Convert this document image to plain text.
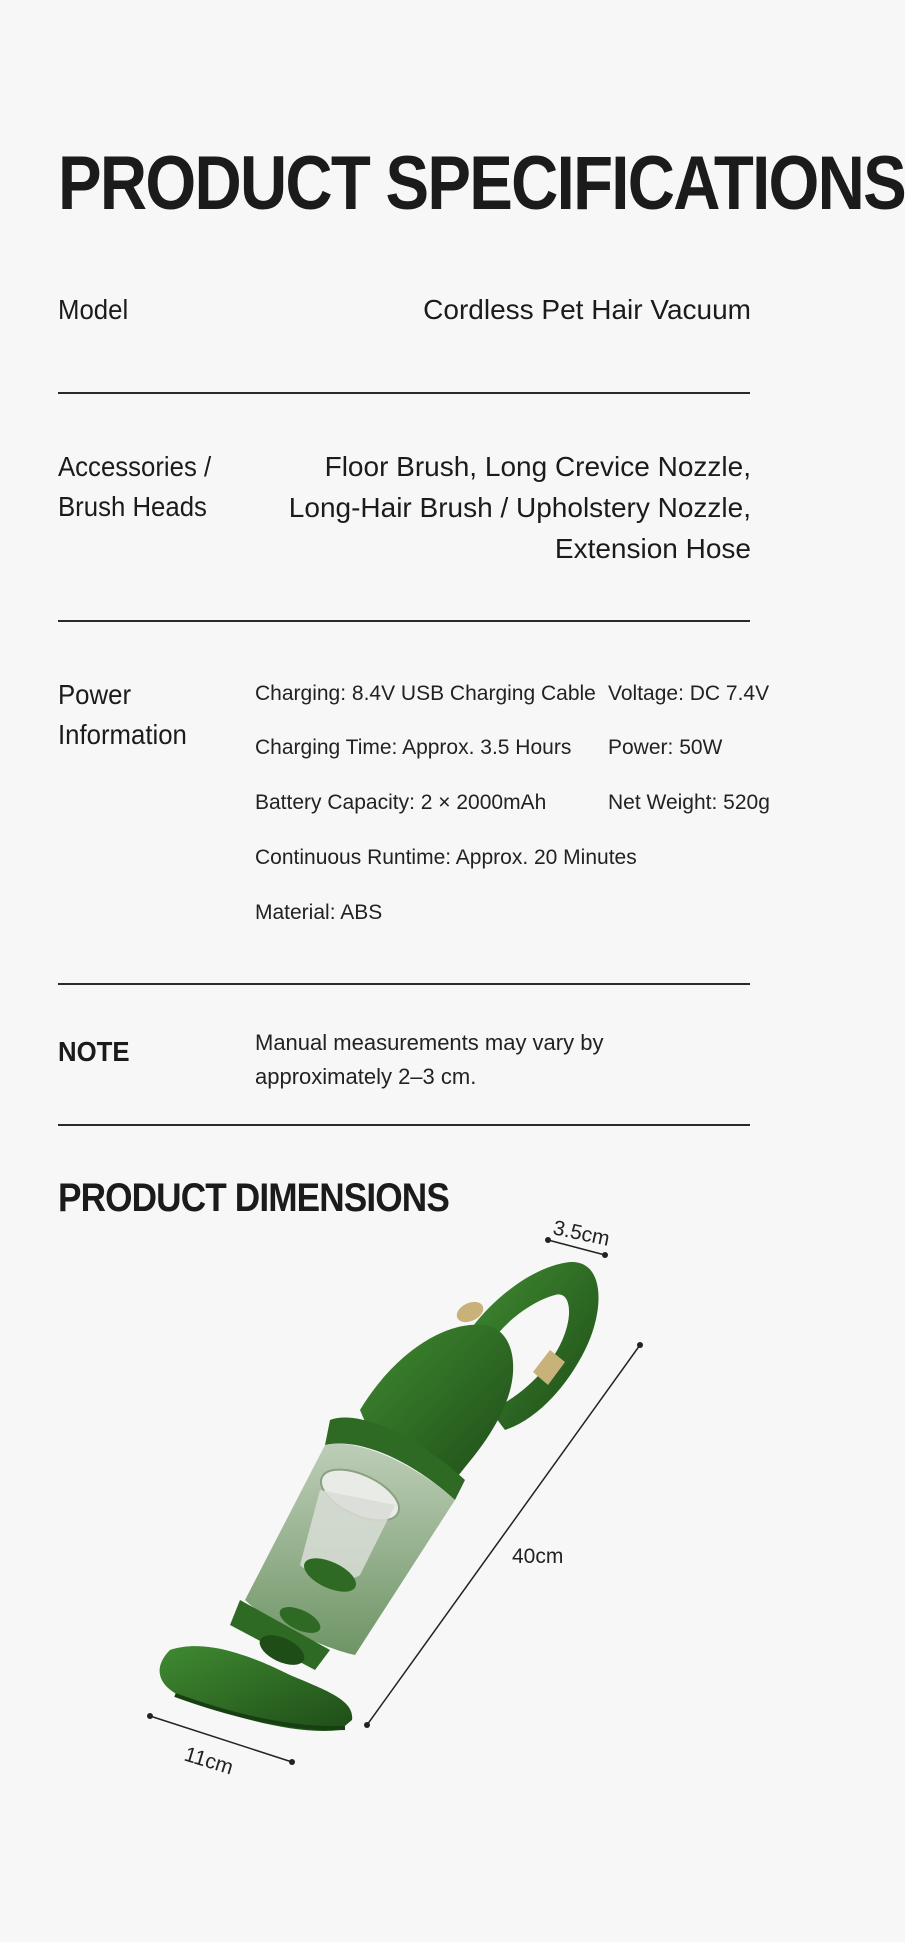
PRODUCT SPECIFICATIONS
Model	Cordless Pet Hair Vacuum
Accessories /
Brush Heads
Floor Brush, Long Crevice Nozzle,
Long-Hair Brush / Upholstery Nozzle,
Extension Hose
Power
Information
Charging: 8.4V USB Charging Cable
Charging Time: Approx. 3.5 Hours
Battery Capacity: 2 × 2000mAh
Continuous Runtime: Approx. 20 Minutes
Material: ABS
Voltage: DC 7.4V
Power: 50W
Net Weight: 520g
NOTE	Manual measurements may vary by
approximately 2–3 cm.
PRODUCT DIMENSIONS
3.5cm
40cm
11cm
